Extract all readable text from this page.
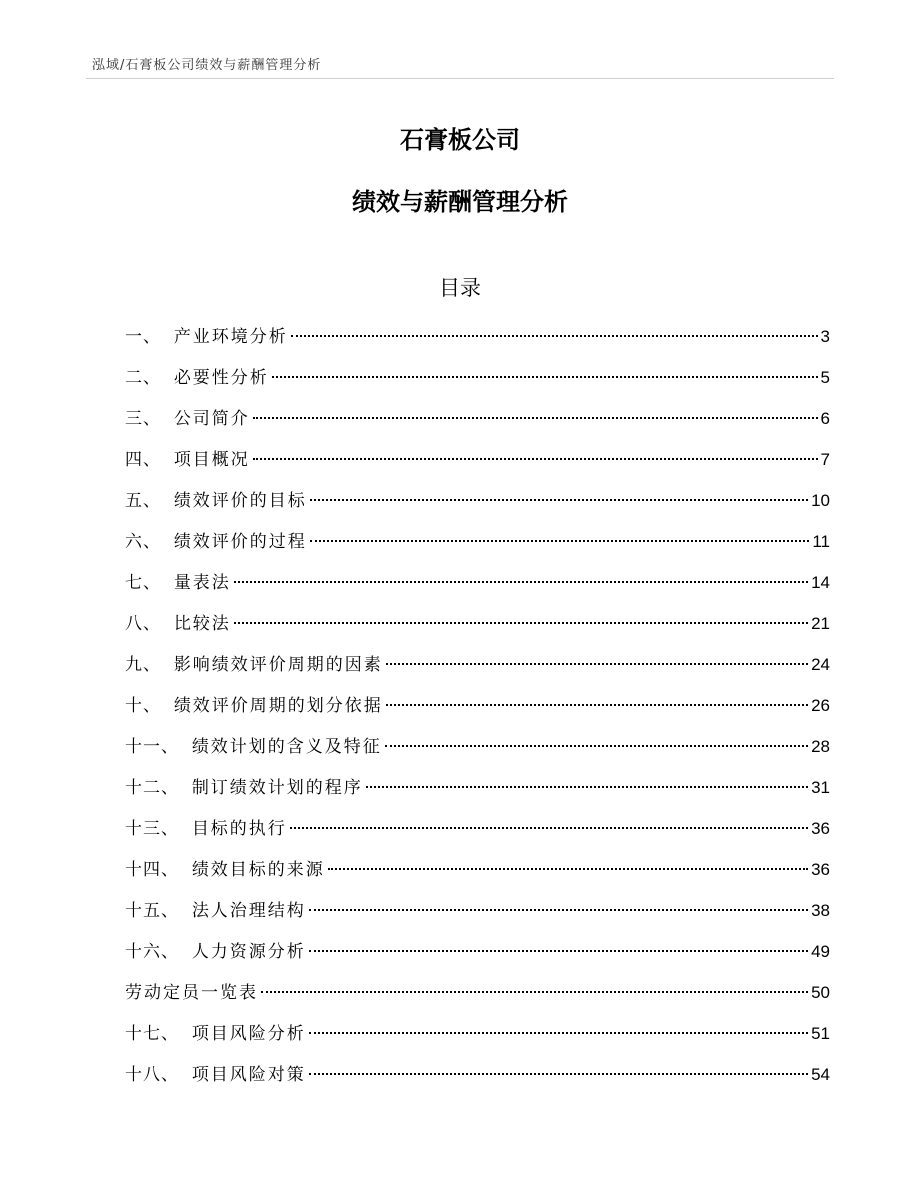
泓域/石膏板公司绩效与薪酬管理分析
石膏板公司
绩效与薪酬管理分析
目录
一、 产业环境分析	3
二、 必要性分析	5
三、 公司简介	6
四、 项目概况	7
五、 绩效评价的目标	10
六、 绩效评价的过程	11
七、 量表法	14
八、 比较法	21
九、 影响绩效评价周期的因素	24
十、 绩效评价周期的划分依据	26
十一、 绩效计划的含义及特征	28
十二、 制订绩效计划的程序	31
十三、 目标的执行	36
十四、 绩效目标的来源	36
十五、 法人治理结构	38
十六、 人力资源分析	49
劳动定员一览表	50
十七、 项目风险分析	51
十八、 项目风险对策	54
